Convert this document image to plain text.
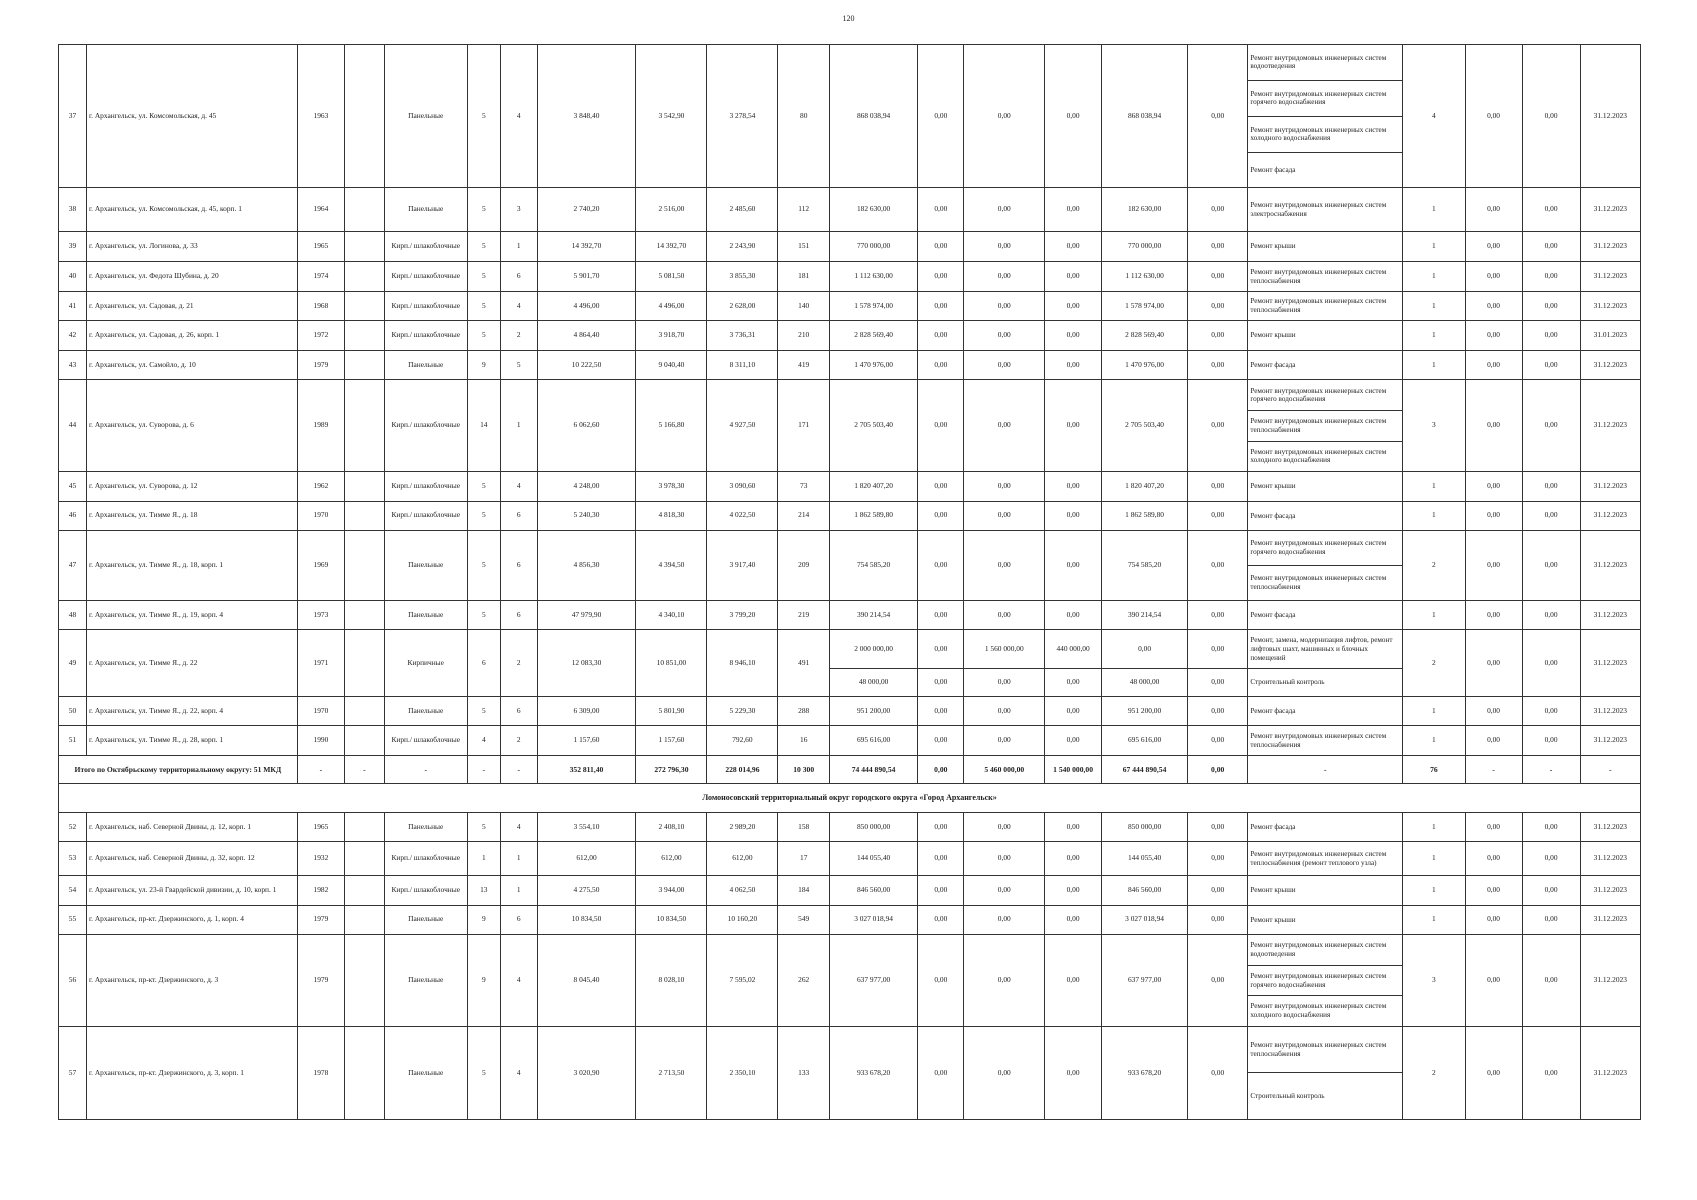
120
37	г. Архангельск, ул. Комсомольская, д. 45	1963		Панельные	5	4	3 848,40	3 542,90	3 278,54	80	868 038,94	0,00	0,00	0,00	868 038,94	0,00	Ремонт внутридомовых инженерных систем водоотведения	4	0,00	0,00	31.12.2023
																	Ремонт внутридомовых инженерных систем горячего водоснабжения				
																	Ремонт внутридомовых инженерных систем холодного водоснабжения				
																	Ремонт фасада				
38	г. Архангельск, ул. Комсомольская, д. 45, корп. 1	1964		Панельные	5	3	2 740,20	2 516,00	2 485,60	112	182 630,00	0,00	0,00	0,00	182 630,00	0,00	Ремонт внутридомовых инженерных систем электроснабжения	1	0,00	0,00	31.12.2023
39	г. Архангельск, ул. Логинова, д. 33	1965		Кирп./ шлакоблочные	5	1	14 392,70	14 392,70	2 243,90	151	770 000,00	0,00	0,00	0,00	770 000,00	0,00	Ремонт крыши	1	0,00	0,00	31.12.2023
40	г. Архангельск, ул. Федота Шубина, д. 20	1974		Кирп./ шлакоблочные	5	6	5 901,70	5 081,50	3 855,30	181	1 112 630,00	0,00	0,00	0,00	1 112 630,00	0,00	Ремонт внутридомовых инженерных систем теплоснабжения	1	0,00	0,00	31.12.2023
41	г. Архангельск, ул. Садовая, д. 21	1968		Кирп./ шлакоблочные	5	4	4 496,00	4 496,00	2 628,00	140	1 578 974,00	0,00	0,00	0,00	1 578 974,00	0,00	Ремонт внутридомовых инженерных систем теплоснабжения	1	0,00	0,00	31.12.2023
42	г. Архангельск, ул. Садовая, д. 26, корп. 1	1972		Кирп./ шлакоблочные	5	2	4 864,40	3 918,70	3 736,31	210	2 828 569,40	0,00	0,00	0,00	2 828 569,40	0,00	Ремонт крыши	1	0,00	0,00	31.01.2023
43	г. Архангельск, ул. Самойло, д. 10	1979		Панельные	9	5	10 222,50	9 040,40	8 311,10	419	1 470 976,00	0,00	0,00	0,00	1 470 976,00	0,00	Ремонт фасада	1	0,00	0,00	31.12.2023
44	г. Архангельск, ул. Суворова, д. 6	1989		Кирп./ шлакоблочные	14	1	6 062,60	5 166,80	4 927,50	171	2 705 503,40	0,00	0,00	0,00	2 705 503,40	0,00	Ремонт внутридомовых инженерных систем горячего водоснабжения	3	0,00	0,00	31.12.2023
																	Ремонт внутридомовых инженерных систем теплоснабжения				
																	Ремонт внутридомовых инженерных систем холодного водоснабжения				
45	г. Архангельск, ул. Суворова, д. 12	1962		Кирп./ шлакоблочные	5	4	4 248,00	3 978,30	3 090,60	73	1 820 407,20	0,00	0,00	0,00	1 820 407,20	0,00	Ремонт крыши	1	0,00	0,00	31.12.2023
46	г. Архангельск, ул. Тимме Я., д. 18	1970		Кирп./ шлакоблочные	5	6	5 240,30	4 818,30	4 022,50	214	1 862 589,80	0,00	0,00	0,00	1 862 589,80	0,00	Ремонт фасада	1	0,00	0,00	31.12.2023
47	г. Архангельск, ул. Тимме Я., д. 18, корп. 1	1969		Панельные	5	6	4 856,30	4 394,50	3 917,40	209	754 585,20	0,00	0,00	0,00	754 585,20	0,00	Ремонт внутридомовых инженерных систем горячего водоснабжения	2	0,00	0,00	31.12.2023
																	Ремонт внутридомовых инженерных систем теплоснабжения				
48	г. Архангельск, ул. Тимме Я., д. 19, корп. 4	1973		Панельные	5	6	47 979,90	4 340,10	3 799,20	219	390 214,54	0,00	0,00	0,00	390 214,54	0,00	Ремонт фасада	1	0,00	0,00	31.12.2023
49	г. Архангельск, ул. Тимме Я., д. 22	1971		Кирпичные	6	2	12 083,30	10 851,00	8 946,10	491	2 000 000,00	0,00	1 560 000,00	440 000,00	0,00	0,00	Ремонт, замена, модернизация лифтов, ремонт лифтовых шахт, машинных и блочных помещений	2	0,00	0,00	31.12.2023
											48 000,00	0,00	0,00	0,00	48 000,00	0,00	Строительный контроль				
50	г. Архангельск, ул. Тимме Я., д. 22, корп. 4	1970		Панельные	5	6	6 309,00	5 801,90	5 229,30	288	951 200,00	0,00	0,00	0,00	951 200,00	0,00	Ремонт фасада	1	0,00	0,00	31.12.2023
51	г. Архангельск, ул. Тимме Я., д. 28, корп. 1	1990		Кирп./ шлакоблочные	4	2	1 157,60	1 157,60	792,60	16	695 616,00	0,00	0,00	0,00	695 616,00	0,00	Ремонт внутридомовых инженерных систем теплоснабжения	1	0,00	0,00	31.12.2023
Итого по Октябрьскому территориальному округу: 51 МКД		-	-	-	-	-	352 811,40	272 796,30	228 014,96	10 300	74 444 890,54	0,00	5 460 000,00	1 540 000,00	67 444 890,54	0,00	-	76	-	-	-
Ломоносовский территориальный округ городского округа «Город Архангельск»																					
52	г. Архангельск, наб. Северной Двины, д. 12, корп. 1	1965		Панельные	5	4	3 554,10	2 408,10	2 989,20	158	850 000,00	0,00	0,00	0,00	850 000,00	0,00	Ремонт фасада	1	0,00	0,00	31.12.2023
53	г. Архангельск, наб. Северной Двины, д. 32, корп. 12	1932		Кирп./ шлакоблочные	1	1	612,00	612,00	612,00	17	144 055,40	0,00	0,00	0,00	144 055,40	0,00	Ремонт внутридомовых инженерных систем теплоснабжения (ремонт теплового узла)	1	0,00	0,00	31.12.2023
54	г. Архангельск, ул. 23-й Гвардейской дивизии, д. 10, корп. 1	1982		Кирп./ шлакоблочные	13	1	4 275,50	3 944,00	4 062,50	184	846 560,00	0,00	0,00	0,00	846 560,00	0,00	Ремонт крыши	1	0,00	0,00	31.12.2023
55	г. Архангельск, пр-кт. Дзержинского, д. 1, корп. 4	1979		Панельные	9	6	10 834,50	10 834,50	10 160,20	549	3 027 018,94	0,00	0,00	0,00	3 027 018,94	0,00	Ремонт крыши	1	0,00	0,00	31.12.2023
56	г. Архангельск, пр-кт. Дзержинского, д. 3	1979		Панельные	9	4	8 045,40	8 028,10	7 595,02	262	637 977,00	0,00	0,00	0,00	637 977,00	0,00	Ремонт внутридомовых инженерных систем водоотведения	3	0,00	0,00	31.12.2023
																	Ремонт внутридомовых инженерных систем горячего водоснабжения				
																	Ремонт внутридомовых инженерных систем холодного водоснабжения				
57	г. Архангельск, пр-кт. Дзержинского, д. 3, корп. 1	1978		Панельные	5	4	3 020,90	2 713,50	2 350,10	133	933 678,20	0,00	0,00	0,00	933 678,20	0,00	Ремонт внутридомовых инженерных систем теплоснабжения	2	0,00	0,00	31.12.2023
																	Строительный контроль				
